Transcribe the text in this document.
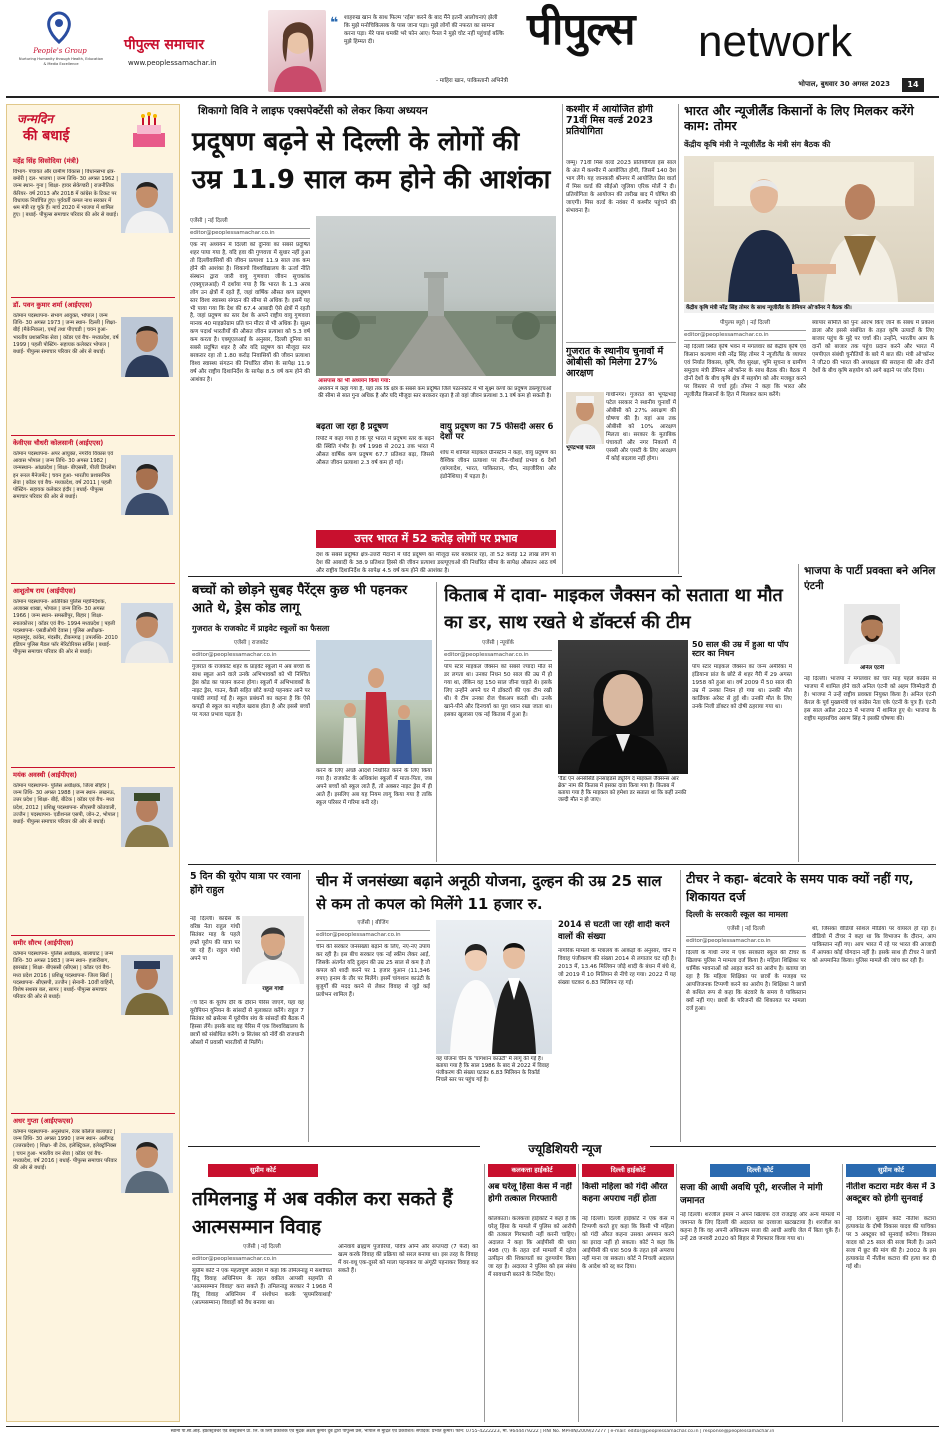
People's Group
Nurturing Humanity through Health, Education & Media Excellence
पीपुल्स समाचार
www.peoplessamachar.in
❝ शाहरुख खान के साथ फिल्म 'रईस' करने के बाद मैंने इतनी आलोचनाएं झेली कि मुझे मनोचिकित्सक के पास जाना पड़ा। मुझे लोगों की नफरत का सामना करना पड़ा। मेरे पास धमकी भरे फोन आए। पैनल ने मुझे चोट नहीं पहुंचाई बल्कि मुझे हिम्मत दी।
- माहिरा खान, पाकिस्तानी अभिनेत्री
पीपुल्स	network
भोपाल, बुधवार 30 अगस्त 2023	14
जन्मदिन
की बधाई
महेंद्र सिंह सिसोदिया (मंत्री)
विभाग- पंचायत और ग्रामीण विकास | विधानसभा क्षेत्र- बमोरी | दल- भाजपा | जन्म तिथि- 30 अगस्त 1962 | जन्म स्थान- गुना | शिक्षा- हायर सेकेण्डरी | राजनीतिक कॅरियर- वर्ष 2013 और 2018 में कांग्रेस के टिकट पर विधायक निर्वाचित हुए। पूर्ववर्ती कमल नाथ सरकार में श्रम मंत्री रह चुके हैं। मार्च 2020 में भाजपा में शामिल हुए। | बधाई- पीपुल्स समाचार परिवार की ओर से बधाई।
डॉ. पवन कुमार शर्मा (आईएएस)
वर्तमान पदस्थापना- संभाग आयुक्त, भोपाल | जन्म तिथि- 30 अगस्त 1973 | जन्म स्थान- दिल्ली | शिक्षा- बीई (मैकेनिकल), एमई तथा पीएचडी | चयन हुआ- भारतीय प्रशासनिक सेवा | कॉडर एवं बैच- मध्यप्रदेश, वर्ष 1999 | पहली पोस्टिंग- सहायक कलेक्टर भोपाल | बधाई- पीपुल्स समाचार परिवार की ओर से बधाई।
केवीएस चौधरी कोलसानी (आईएएस)
वर्तमान पदस्थापना- अपर आयुक्त, नगरीय विकास एवं आवास भोपाल | जन्म तिथि- 30 अगस्त 1982 | जन्मस्थान- आंध्रप्रदेश | शिक्षा- बीएससी, पीजी डिप्लोमा इन रूरल मैनेजमेंट | चयन हुआ- भारतीय प्रशासनिक सेवा | कॉडर एवं बैच- मध्यप्रदेश, वर्ष 2011 | पहली पोस्टिंग- सहायक कलेक्टर इंदौर | बधाई- पीपुल्स समाचार परिवार की ओर से बधाई।
आशुतोष राय (आईपीएस)
वर्तमान पदस्थापना- अतिरिक्त पुलिस महानिदेशक, अजाक्स शाखा, भोपाल | जन्म तिथि- 30 अगस्त 1966 | जन्म स्थान- समस्तीपुर, बिहार | शिक्षा- स्नातकोत्तर | कॉडर एवं बैच- 1994 मध्यप्रदेश | पहली पदस्थापना- एसडीओपी देवास | पुलिस अधीक्षक- महासमुंद, कांकेर, मंदसौर, टीकमगढ़ | उपलब्धि- 2010 इंडियन पुलिस मैडल फॉर मेरिटोरियस सर्विस | बधाई- पीपुल्स समाचार परिवार की ओर से बधाई।
मयंक अवस्थी (आईपीएस)
वर्तमान पदस्थापना- पुलिस अधीक्षक, जिला सीहोर | जन्म तिथि- 30 अगस्त 1988 | जन्म स्थान- लखनऊ, उत्तर प्रदेश | शिक्षा- बीई, बीटेक | कॉडर एवं बैच- मध्य प्रदेश, 2012 | प्रशिक्षु पदस्थापना- सीएसपी कोतवाली, उज्जैन | पदस्थापना- एडीशनल एसपी, जोन-2, भोपाल | बधाई- पीपुल्स समाचार परिवार की ओर से बधाई।
समीर सौरभ (आईपीएस)
वर्तमान पदस्थापना- पुलिस अधीक्षक, बालाघाट | जन्म तिथि- 30 अगस्त 1983 | जन्म स्थान- हजारीबाग, झारखंड | शिक्षा- बीएससी (सीएस) | कॉडर एवं बैच- मध्य प्रदेश 2016 | प्रशिक्षु पदस्थापना- जिला खिर्रा | पदस्थापना- सीएसपी, उज्जैन | सेनानी- 10वीं वाहिनी, विशेष सशस्त्र बल, सागर | बधाई- पीपुल्स समाचार परिवार की ओर से बधाई।
अधर गुप्ता (आईएफएस)
वर्तमान पदस्थापना- अनुसंधान, रेंजर कॉलेज बालाघाट | जन्म तिथि- 30 अगस्त 1990 | जन्म स्थान- अलीगढ़ (उत्तरप्रदेश) | शिक्षा- बी टेक, इलेक्ट्रिकल, इलेक्ट्रॉनिक्स | चयन हुआ- भारतीय वन सेवा | कॉडर एवं बैच- मध्यप्रदेश, वर्ष 2016 | बधाई- पीपुल्स समाचार परिवार की ओर से बधाई।
शिकागो विवि ने लाइफ एक्सपेक्टेंसी को लेकर किया अध्ययन
प्रदूषण बढ़ने से दिल्ली के लोगों की उम्र 11.9 साल कम होने की आशंका
एजेंसी | नई दिल्ली
editor@peoplessamachar.co.in
एक नए अध्ययन में दिल्ली को दुनिया का सबसे प्रदूषित शहर पाया गया है, यदि हवा की गुणवत्ता में सुधार नहीं हुआ तो दिल्लीवासियों की जीवन प्रत्याशा 11.9 साल तक कम होने की आशंका है। शिकागो विश्वविद्यालय के ऊर्जा नीति संस्थान द्वारा जारी वायु गुणवत्ता जीवन सूचकांक (एक्यूएलआई) में दर्शाया गया है कि भारत के 1.3 अरब लोग उन क्षेत्रों में रहते हैं, जहां वार्षिक औसत कण प्रदूषण स्तर विश्व स्वास्थ्य संगठन की सीमा से अधिक है। इसमें यह भी पाया गया कि देश की 67.4 आबादी ऐसे क्षेत्रों में रहती है, जहां प्रदूषण का स्तर देश के अपने राष्ट्रीय वायु गुणवत्ता मानक 40 माइक्रोग्राम प्रति घन मीटर से भी अधिक है। सूक्ष्म कण पदार्थ भारतीयों की औसत जीवन प्रत्याशा को 5.3 वर्ष कम करता है। एक्यूएलआई के अनुसार, दिल्ली दुनिया का सबसे प्रदूषित शहर है और यदि प्रदूषण का मौजूदा स्तर बरकरार रहा तो 1.80 करोड़ निवासियों की जीवन प्रत्याशा विश्व स्वास्थ्य संगठन की निर्धारित सीमा के सापेक्ष 11.9 वर्ष और राष्ट्रीय दिशानिर्देश के सापेक्ष 8.5 वर्ष कम होने की आशंका है।	आसपास का भी अध्ययन किया गया:
अध्ययन में कहा गया है, यहां तक कि क्षेत्र के सबसे कम प्रदूषित जिले पठानकोट में भी सूक्ष्म कणों का प्रदूषण डब्ल्यूएचओ की सीमा से सात गुना अधिक है और यदि मौजूदा स्तर बरकरार रहता है तो वहां जीवन प्रत्याशा 3.1 वर्ष कम हो सकती है।
बढ़ता जा रहा है प्रदूषण
रिपोर्ट में कहा गया है कि पूरे भारत में प्रदूषण स्तर के बढ़ने की स्थिति गंभीर है। वर्ष 1998 से 2021 तक भारत में औसत वार्षिक कण प्रदूषण 67.7 प्रतिशत बढ़ा, जिससे औसत जीवन प्रत्याशा 2.3 वर्ष कम हो गई।
वायु प्रदूषण का 75 फीसदी असर 6 देशों पर
शोध में शामिल माइकल ग्रीनस्टोन ने कहा, वायु प्रदूषण का वैश्विक जीवन प्रत्याशा पर तीन-चौथाई प्रभाव 6 देशों (बांग्लादेश, भारत, पाकिस्तान, चीन, नाइजीरिया और इंडोनेशिया) में पड़ता है।
उत्तर भारत में 52 करोड़ लोगों पर प्रभाव
देश के सबसे प्रदूषित क्षेत्र-उत्तरी मैदानों में यदि प्रदूषण का मौजूदा स्तर बरकरार रहा, तो 52 करोड़ 12 लाख लोग या देश की आबादी के 38.9 प्रतिशत हिस्से की जीवन प्रत्याशा डब्ल्यूएचओ की निर्धारित सीमा के सापेक्ष औसतन आठ वर्ष और राष्ट्रीय दिशानिर्देश के सापेक्ष 4.5 वर्ष कम होने की आशंका है।
कश्मीर में आयोजित होगी 71वीं मिस वर्ल्ड 2023 प्रतियोगिता
जम्मू। 71वीं मिस वर्ल्ड 2023 प्रतियोगिता इस साल के अंत में कश्मीर में आयोजित होगी, जिसमें 140 देश भाग लेंगे। यह जानकारी श्रीनगर में आयोजित प्रेस वार्ता में मिस वर्ल्ड की सीईओ जूलिया एरिक मोर्ले ने दी। प्रतियोगिता के आयोजन की तारीख बाद में घोषित की जाएगी। मिस वर्ल्ड के नवंबर में कश्मीर पहुंचने की संभावना है।
गुजरात के स्थानीय चुनावों में ओबीसी को मिलेगा 27% आरक्षण
भूपेंद्रभाई पटेल
गांधीनगर। गुजरात की भूपेंद्रभाई पटेल सरकार ने स्थानीय चुनावों में ओबीसी को 27% आरक्षण की घोषणा की है। यहां अब तक ओबीसी को 10% आरक्षण मिलता था। सरकार के मुताबिक पंचायतों और नगर निकायों में एससी और एसटी के लिए आरक्षण में कोई बदलाव नहीं होगा।
भारत और न्यूजीलैंड किसानों के लिए मिलकर करेंगे काम: तोमर
केंद्रीय कृषि मंत्री ने न्यूजीलैंड के मंत्री संग बैठक की
केंद्रीय कृषि मंत्री नरेंद्र सिंह तोमर के साथ न्यूजीलैंड के डेमियन ओ'कॉनर ने बैठक की।
पीपुल्स ब्यूरो | नई दिल्ली
editor@peoplessamachar.co.in
नई दिल्ली स्थित कृषि भवन में मंगलवार को केंद्रीय कृषि एवं किसान कल्याण मंत्री नरेंद्र सिंह तोमर ने न्यूजीलैंड के व्यापार एवं निर्यात विकास, कृषि, जैव सुरक्षा, भूमि सूचना व ग्रामीण समुदाय मंत्री डेमियन ओ'कॉनर के साथ बैठक की। बैठक में दोनों देशों के बीच कृषि क्षेत्र में सहयोग को और मजबूत करने पर विस्तार से चर्चा हुई। तोमर ने कहा कि भारत और न्यूजीलैंड किसानों के हित में मिलकर काम करेंगे।
ब्यापार समिति को पुनः आरंभ किए जाने के संबंध में प्रकाश डाला और इससे संबंधित के तहत कृषि उत्पादों के लिए बाजार पहुंच के मुद्दे पर चर्चा की। उन्होंने, भारतीय आम के दानों को बाजार तक पहुंच प्रदान करने और भारत में एमपीएल संबंधी चुनौतियों के बारे में बात की। मंत्री ओ'कॉनर ने जी20 की भारत की अध्यक्षता की सराहना की और दोनों देशों के बीच कृषि सहयोग को आगे बढ़ाने पर जोर दिया।
बच्चों को छोड़ने सुबह पैरेंट्स कुछ भी पहनकर आते थे, ड्रेस कोड लागू
गुजरात के राजकोट में प्राइवेट स्कूलों का फैसला
एजेंसी | राजकोट
editor@peoplessamachar.co.in
गुजरात के राजकोट शहर के प्राइवेट स्कूलों में अब बच्चों के साथ स्कूल आने वाले उनके अभिभावकों को भी निश्चित ड्रेस कोड का पालन करना होगा। स्कूलों में अभिभावकों के नाइट ड्रेस, गाउन, कैप्री सहित छोटे कपड़े पहनकर आने पर पाबंदी लगाई गई है। स्कूल प्रबंधनों का कहना है कि ऐसे कपड़ों से स्कूल का माहौल खराब होता है और इससे बच्चों पर गलत प्रभाव पड़ता है।
करने के लिए अच्छे आदर्श निर्धारित करने के लिए किया गया है। राजकोट के अधिकांश स्कूलों में माता-पिता, जब अपने बच्चों को स्कूल लाते हैं, तो अक्सर नाइट ड्रेस में ही आते हैं। इसलिए अब यह नियम लागू किया गया है ताकि स्कूल परिसर में गरिमा बनी रहे।
किताब में दावा- माइकल जैक्सन को सताता था मौत का डर, साथ रखते थे डॉक्टर्स की टीम
एजेंसी | न्यूयॉर्क
editor@peoplessamachar.co.in
पॉप स्टार माइकल जैक्सन को सबसे ज्यादा मौत से डर लगता था। उनका निधन 50 साल की उम्र में हो गया था, लेकिन वह 150 साल जीना चाहते थे। इसके लिए उन्होंने अपने घर में डॉक्टरों की एक टीम रखी थी। ये टीम उनका रोज चेकअप करती थी। उनके खाने-पीने और दिनचर्या का पूरा ध्यान रखा जाता था। इसका खुलासा एक नई किताब में हुआ है।
'वैडः एन अनसेंसिर्ड इनसाइडर्स ड्यूरिंग द माइकल जैक्सन्स आर ब्रेक' नाम की किताब में इसका दावा किया गया है। किताब में बताया गया है कि माइकल को हमेशा डर सताता था कि कहीं उनकी जल्दी मौत न हो जाए।
50 साल की उम्र में हुआ था पॉप स्टार का निधन
पॉप स्टार माइकल जैक्सन का जन्म अमेरिका में इंडियाना प्रांत के छोटे से शहर गैरी में 29 अगस्त 1958 को हुआ था। वर्ष 2009 में 50 साल की उम्र में उनका निधन हो गया था। उनकी मौत कार्डियक अरेस्ट से हुई थी। उनकी मौत के लिए उनके निजी डॉक्टर को दोषी ठहराया गया था।
भाजपा के पार्टी प्रवक्ता बने अनिल एंटनी
अनिल एंटनी
नई दिल्ली। भाजपा ने मंगलवार को चार माह पहले कांग्रेस से भाजपा में शामिल होने वाले अनिल एंटनी को अहम जिम्मेदारी दी है। भाजपा ने उन्हें राष्ट्रीय प्रवक्ता नियुक्त किया है। अनिल एंटनी केरल के पूर्व मुख्यमंत्री एवं कांग्रेस नेता एके एंटनी के पुत्र हैं। एंटनी इस साल अप्रैल 2023 में भाजपा में शामिल हुए थे। भाजपा के राष्ट्रीय महासचिव अरुण सिंह ने इसकी घोषणा की।
5 दिन की यूरोप यात्रा पर रवाना होंगे राहुल
राहुल गांधी
नई दिल्ली। कांग्रेस के वरिष्ठ नेता राहुल गांधी सितंबर माह के पहले हफ्ते यूरोप की यात्रा पर जा रहे हैं। राहुल गांधी अपने पा
ंच दिन के यूरोप दौरे के दौरान पेरिस जाएंगे, यहां वह यूरोपियन यूनियन के सांसदों से मुलाकात करेंगे। राहुल 7 सितंबर को ब्रसेल्स में यूरोपीय संघ के सांसदों की बैठक में हिस्सा लेंगे। इसके बाद वह पेरिस में एक विश्वविद्यालय के छात्रों को संबोधित करेंगे। 9 सितंबर को नॉर्वे की राजधानी ओस्लो में प्रवासी भारतीयों से मिलेंगे।
चीन में जनसंख्या बढ़ाने अनूठी योजना, दुल्हन की उम्र 25 साल से कम तो कपल को मिलेंगे 11 हजार रु.
एजेंसी | बीजिंग
editor@peoplessamachar.co.in
चीन की सरकार जनसंख्या बढ़ाने के लिए, नए-नए उपाय कर रही है। इस बीच सरकार एक नई स्कीम लेकर आई, जिसके अंतर्गत यदि दुल्हन की उम्र 25 साल से कम है तो कपल को शादी करने पर 1 हजार युआन (11,346 रुपए) इनाम के तौर पर मिलेंगे। इसमें चांगशान काउंटी के बुजुर्गों की मदद करने से लेकर विवाह से जुड़े कई प्रलोभन शामिल हैं।
यह योजना चीन के 'चांगशान काउंटी' में लागू की गई है। बताया गया है कि साल 1986 के बाद से 2022 में विवाह पंजीकरण की संख्या घटकर 6.83 मिलियन के रिकॉर्ड निचले स्तर पर पहुंच गई है।
2014 से घटती जा रही शादी करने वालों की संख्या
नागरिक मामलों के मंत्रालय के आंकड़ों के अनुसार, चीन में विवाह पंजीकरण की संख्या 2014 से लगातार घट रही है। 2013 में, 13.46 मिलियन जोड़े शादी के बंधन में बंधे थे, जो 2019 में 10 मिलियन से नीचे रह गया। 2022 में यह संख्या घटकर 6.83 मिलियन रह गई।
टीचर ने कहा- बंटवारे के समय पाक क्यों नहीं गए, शिकायत दर्ज
दिल्ली के सरकारी स्कूल का मामला
एजेंसी | नई दिल्ली
editor@peoplessamachar.co.in
दिल्ली के गांधी नगर में एक सरकारी स्कूल की टीचर के खिलाफ पुलिस ने मामला दर्ज किया है। महिला शिक्षिका पर धार्मिक भावनाओं को आहत करने का आरोप है। बताया जा रहा है कि महिला शिक्षिका पर छात्रों के मजहब पर आपत्तिजनक टिप्पणी करने का आरोप है। शिक्षिका ने छात्रों से कथित रूप से कहा कि बंटवारे के समय वे पाकिस्तान क्यों नहीं गए। छात्रों के परिजनों की शिकायत पर मामला दर्ज हुआ।
थी, जिसका वीडियो सोशल मीडिया पर वायरल हो रहा है। वीडियो में टीचर ने कहा था कि विभाजन के दौरान, आप पाकिस्तान नहीं गए। आप भारत में रहे पर भारत की आजादी में आपका कोई योगदान नहीं है। इसके साथ ही टीचर ने छात्रों को अपमानित किया। पुलिस मामले की जांच कर रही है।
ज्यूडिशियरी न्यूज
सुप्रीम कोर्ट
तमिलनाडु में अब वकील करा सकते हैं आत्मसम्मान विवाह
एजेंसी | नई दिल्ली
editor@peoplessamachar.co.in
सुप्रीम कोर्ट ने एक महत्वपूर्ण आदेश में कहा कि तमिलनाडु में संशोधित हिंदू विवाह अधिनियम के तहत वकील आपसी सहमति से 'आत्मसम्मान विवाह' करा सकते हैं। तमिलनाडु सरकार ने 1968 में हिंदू विवाह अधिनियम में संशोधन करके 'सुयमरियाथाई' (आत्मसम्मान) विवाहों को वैध बनाया था।
अनिवार्य ब्राह्मण पुजारियों, पवित्र अग्नि और सप्तपदी (7 फेरों) को खत्म करके विवाह की प्रक्रिया को सरल बनाया था। इस तरह के विवाह में वर-वधू एक-दूसरे को माला पहनाकर या अंगूठी पहनाकर विवाह कर सकते हैं।
कलकत्ता हाईकोर्ट
अब घरेलू हिंसा केस में नहीं होगी तत्काल गिरफ्तारी
कोलकाता। कलकत्ता हाईकोर्ट ने कहा है कि घरेलू हिंसा के मामले में पुलिस को आरोपी की तत्काल गिरफ्तारी नहीं करनी चाहिए। अदालत ने कहा कि आईपीसी की धारा 498 (ए) के तहत दर्ज मामलों में दहेज उत्पीड़न की शिकायतों का दुरुपयोग किया जा रहा है। अदालत ने पुलिस को इस संबंध में सावधानी बरतने के निर्देश दिए।
दिल्ली हाईकोर्ट
किसी महिला को गंदी औरत कहना अपराध नहीं होता
नई दिल्ली। दिल्ली हाईकोर्ट ने एक केस में टिप्पणी करते हुए कहा कि किसी भी महिला को गंदी औरत कहना उसका अपमान करने का इरादा नहीं हो सकता। कोर्ट ने कहा कि आईपीसी की धारा 509 के तहत इसे अपराध नहीं माना जा सकता। कोर्ट ने निचली अदालत के आदेश को रद्द कर दिया।
दिल्ली कोर्ट
सजा की आधी अवधि पूरी, शरजील ने मांगी जमानत
नई दिल्ली। शरजील इमाम ने अपने खिलाफ दर्ज राजद्रोह और अन्य मामलों में जमानत के लिए दिल्ली की अदालत का दरवाजा खटखटाया है। शरजील का कहना है कि वह अपनी अधिकतम सजा की आधी अवधि जेल में बिता चुके हैं। उन्हें 28 जनवरी 2020 को बिहार से गिरफ्तार किया गया था।
सुप्रीम कोर्ट
नीतीश कटारा मर्डर केस में 3 अक्टूबर को होगी सुनवाई
नई दिल्ली। सुप्रीम कोर्ट नीतीश कटारा हत्याकांड के दोषी विकास यादव की याचिका पर 3 अक्टूबर को सुनवाई करेगा। विकास यादव को 25 साल की सजा मिली है। उसने सजा में छूट की मांग की है। 2002 के इस हत्याकांड में नीतीश कटारा की हत्या कर दी गई थी।
स्वामी पी.सी.आई. इंफ्रास्ट्रक्चर एंड कंस्ट्रक्शन प्रा. लि. के लिए प्रकाशक एवं मुद्रक अक्षय कुमार दुबे द्वारा पीपुल्स प्रेस, भोपाल से मुद्रित एवं प्रकाशित। संपादक: प्रभात कुमार। फोन: 0755-4222223, मो. 9644479222 | RNI No. MPHIN/2009/27277 | e-mail: editor@peoplessamachar.co.in | response@peoplessamachar.in
